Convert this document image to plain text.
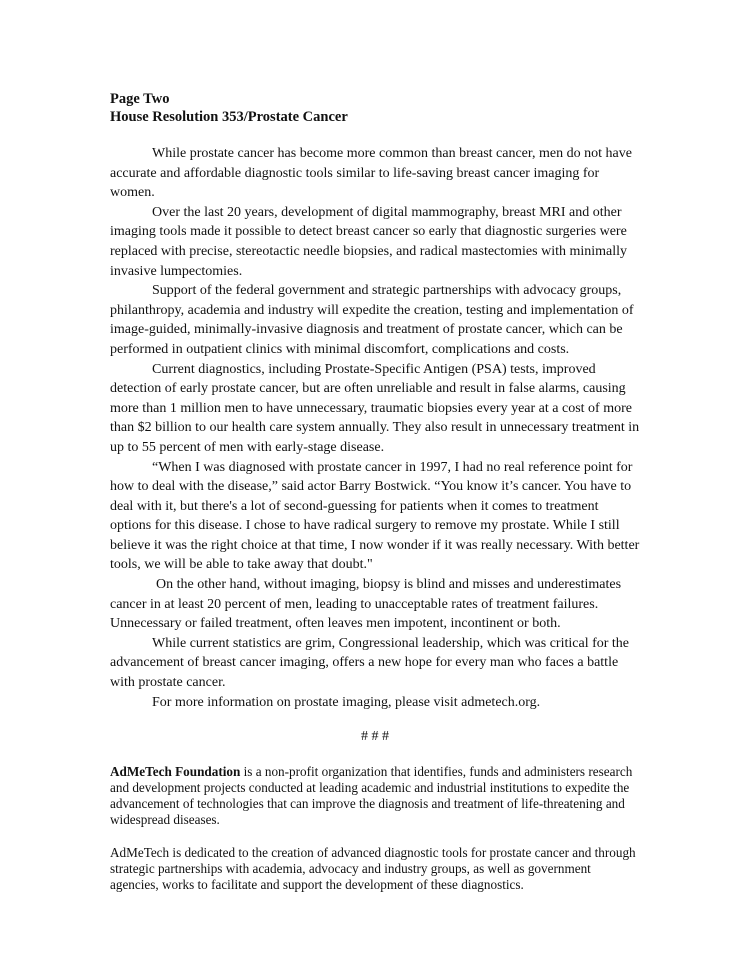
Page Two
House Resolution 353/Prostate Cancer

While prostate cancer has become more common than breast cancer, men do not have accurate and affordable diagnostic tools similar to life-saving breast cancer imaging for women.

Over the last 20 years, development of digital mammography, breast MRI and other imaging tools made it possible to detect breast cancer so early that diagnostic surgeries were replaced with precise, stereotactic needle biopsies, and radical mastectomies with minimally invasive lumpectomies.

Support of the federal government and strategic partnerships with advocacy groups, philanthropy, academia and industry will expedite the creation, testing and implementation of image-guided, minimally-invasive diagnosis and treatment of prostate cancer, which can be performed in outpatient clinics with minimal discomfort, complications and costs.

Current diagnostics, including Prostate-Specific Antigen (PSA) tests, improved detection of early prostate cancer, but are often unreliable and result in false alarms, causing more than 1 million men to have unnecessary, traumatic biopsies every year at a cost of more than $2 billion to our health care system annually. They also result in unnecessary treatment in up to 55 percent of men with early-stage disease.

“When I was diagnosed with prostate cancer in 1997, I had no real reference point for how to deal with the disease,” said actor Barry Bostwick. “You know it’s cancer. You have to deal with it, but there's a lot of second-guessing for patients when it comes to treatment options for this disease. I chose to have radical surgery to remove my prostate. While I still believe it was the right choice at that time, I now wonder if it was really necessary. With better tools, we will be able to take away that doubt."

On the other hand, without imaging, biopsy is blind and misses and underestimates cancer in at least 20 percent of men, leading to unacceptable rates of treatment failures. Unnecessary or failed treatment, often leaves men impotent, incontinent or both.

While current statistics are grim, Congressional leadership, which was critical for the advancement of breast cancer imaging, offers a new hope for every man who faces a battle with prostate cancer.

For more information on prostate imaging, please visit admetech.org.

# # #

AdMeTech Foundation is a non-profit organization that identifies, funds and administers research and development projects conducted at leading academic and industrial institutions to expedite the advancement of technologies that can improve the diagnosis and treatment of life-threatening and widespread diseases.

AdMeTech is dedicated to the creation of advanced diagnostic tools for prostate cancer and through strategic partnerships with academia, advocacy and industry groups, as well as government agencies, works to facilitate and support the development of these diagnostics.
